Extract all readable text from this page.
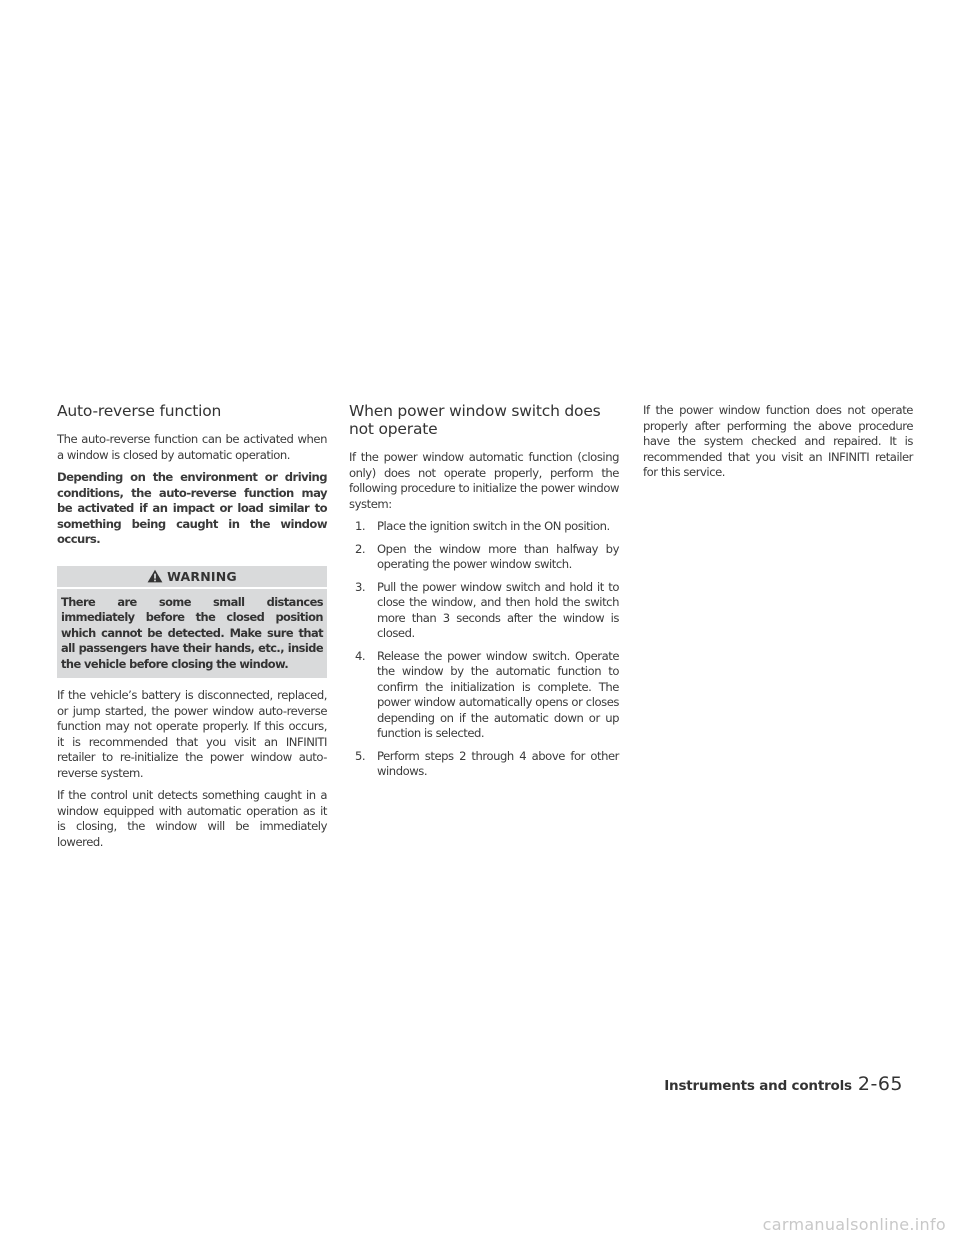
Auto-reverse function

The auto-reverse function can be activated when a window is closed by automatic operation.

Depending on the environment or driving conditions, the auto-reverse function may be activated if an impact or load similar to something being caught in the window occurs.

WARNING
There are some small distances immediately before the closed position which cannot be detected. Make sure that all passengers have their hands, etc., inside the vehicle before closing the window.

If the vehicle’s battery is disconnected, replaced, or jump started, the power window auto-reverse function may not operate properly. If this occurs, it is recommended that you visit an INFINITI retailer to re-initialize the power window auto-reverse system.

If the control unit detects something caught in a window equipped with automatic operation as it is closing, the window will be immediately lowered.

When power window switch does not operate

If the power window automatic function (closing only) does not operate properly, perform the following procedure to initialize the power window system:

1. Place the ignition switch in the ON position.
2. Open the window more than halfway by operating the power window switch.
3. Pull the power window switch and hold it to close the window, and then hold the switch more than 3 seconds after the window is closed.
4. Release the power window switch. Operate the window by the automatic function to confirm the initialization is complete. The power window automatically opens or closes depending on if the automatic down or up function is selected.
5. Perform steps 2 through 4 above for other windows.

If the power window function does not operate properly after performing the above procedure have the system checked and repaired. It is recommended that you visit an INFINITI retailer for this service.

Instruments and controls 2-65
carmanualsonline.info
